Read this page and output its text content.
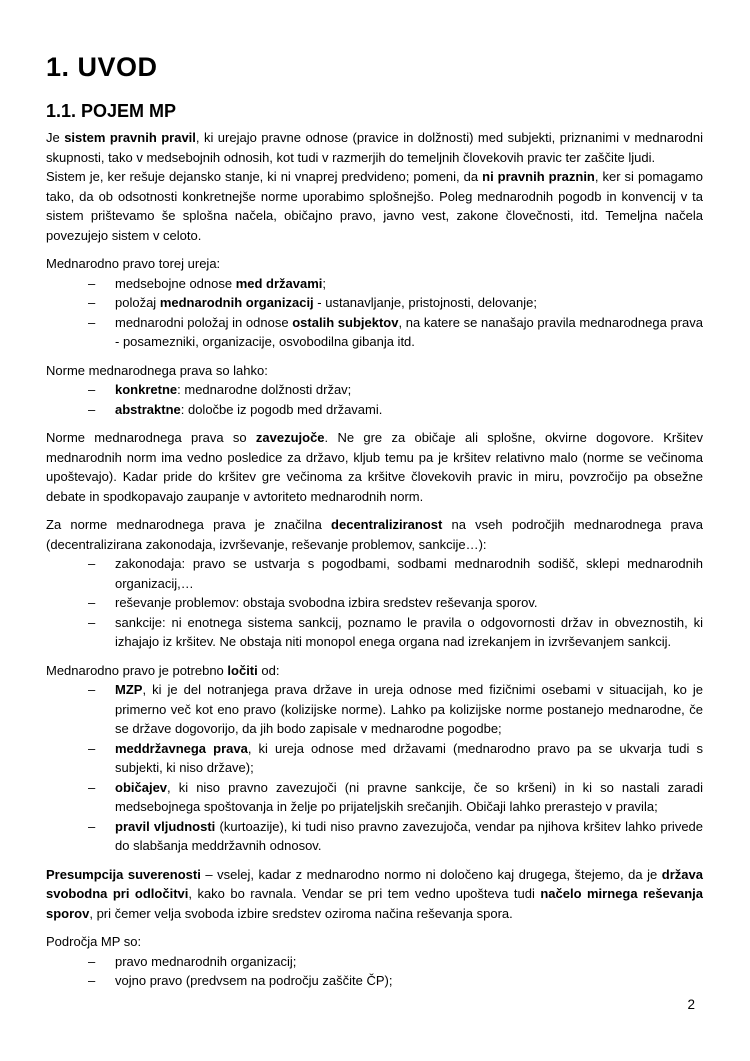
1. UVOD
1.1. POJEM MP
Je sistem pravnih pravil, ki urejajo pravne odnose (pravice in dolžnosti) med subjekti, priznanimi v mednarodni skupnosti, tako v medsebojnih odnosih, kot tudi v razmerjih do temeljnih človekovih pravic ter zaščite ljudi.
Sistem je, ker rešuje dejansko stanje, ki ni vnaprej predvideno; pomeni, da ni pravnih praznin, ker si pomagamo tako, da ob odsotnosti konkretnejše norme uporabimo splošnejšo. Poleg mednarodnih pogodb in konvencij v ta sistem prištevamo še splošna načela, običajno pravo, javno vest, zakone človečnosti, itd. Temeljna načela povezujejo sistem v celoto.
Mednarodno pravo torej ureja:
– medsebojne odnose med državami;
– položaj mednarodnih organizacij - ustanavljanje, pristojnosti, delovanje;
– mednarodni položaj in odnose ostalih subjektov, na katere se nanašajo pravila mednarodnega prava - posamezniki, organizacije, osvobodilna gibanja itd.
Norme mednarodnega prava so lahko:
– konkretne: mednarodne dolžnosti držav;
– abstraktne: določbe iz pogodb med državami.
Norme mednarodnega prava so zavezujoče. Ne gre za običaje ali splošne, okvirne dogovore. Kršitev mednarodnih norm ima vedno posledice za državo, kljub temu pa je kršitev relativno malo (norme se večinoma upoštevajo). Kadar pride do kršitev gre večinoma za kršitve človekovih pravic in miru, povzročijo pa obsežne debate in spodkopavajo zaupanje v avtoriteto mednarodnih norm.
Za norme mednarodnega prava je značilna decentraliziranost na vseh področjih mednarodnega prava (decentralizirana zakonodaja, izvrševanje, reševanje problemov, sankcije…):
– zakonodaja: pravo se ustvarja s pogodbami, sodbami mednarodnih sodišč, sklepi mednarodnih organizacij,…
– reševanje problemov: obstaja svobodna izbira sredstev reševanja sporov.
– sankcije: ni enotnega sistema sankcij, poznamo le pravila o odgovornosti držav in obveznostih, ki izhajajo iz kršitev. Ne obstaja niti monopol enega organa nad izrekanjem in izvrševanjem sankcij.
Mednarodno pravo je potrebno ločiti od:
– MZP, ki je del notranjega prava države in ureja odnose med fizičnimi osebami v situacijah, ko je primerno več kot eno pravo (kolizijske norme). Lahko pa kolizijske norme postanejo mednarodne, če se države dogovorijo, da jih bodo zapisale v mednarodne pogodbe;
– meddržavnega prava, ki ureja odnose med državami (mednarodno pravo pa se ukvarja tudi s subjekti, ki niso države);
– običajev, ki niso pravno zavezujoči (ni pravne sankcije, če so kršeni) in ki so nastali zaradi medsebojnega spoštovanja in želje po prijateljskih srečanjih. Običaji lahko prerastejo v pravila;
– pravil vljudnosti (kurtoazije), ki tudi niso pravno zavezujoča, vendar pa njihova kršitev lahko privede do slabšanja meddržavnih odnosov.
Presumpcija suverenosti – vselej, kadar z mednarodno normo ni določeno kaj drugega, štejemo, da je država svobodna pri odločitvi, kako bo ravnala. Vendar se pri tem vedno upošteva tudi načelo mirnega reševanja sporov, pri čemer velja svoboda izbire sredstev oziroma načina reševanja spora.
Področja MP so:
– pravo mednarodnih organizacij;
– vojno pravo (predvsem na področju zaščite ČP);
2
